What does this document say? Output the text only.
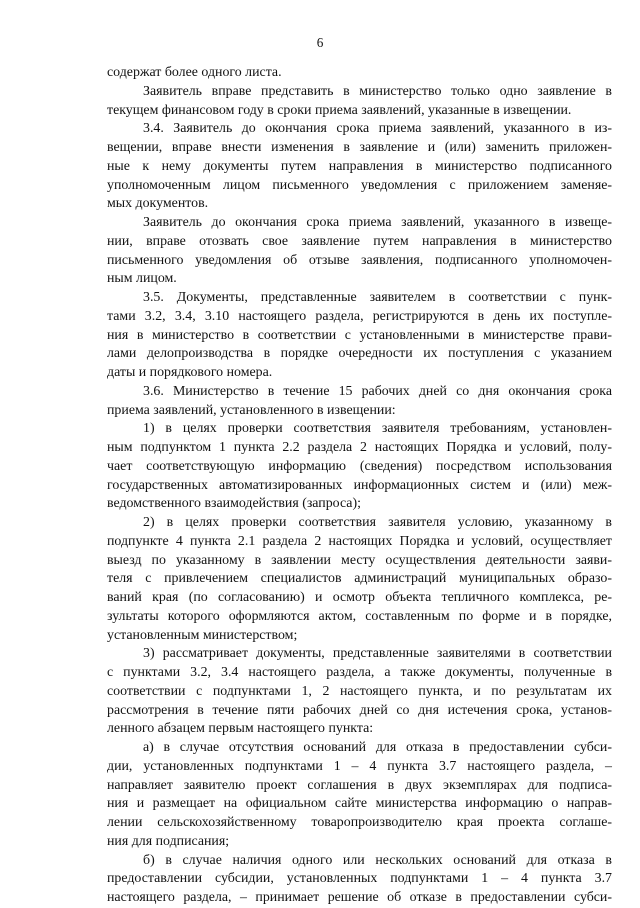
6
содержат более одного листа.
Заявитель вправе представить в министерство только одно заявление в
текущем финансовом году в сроки приема заявлений, указанные в извещении.
3.4. Заявитель до окончания срока приема заявлений, указанного в из-
вещении, вправе внести изменения в заявление и (или) заменить приложен-
ные к нему документы путем направления в министерство подписанного
уполномоченным лицом письменного уведомления с приложением заменяе-
мых документов.
Заявитель до окончания срока приема заявлений, указанного в извеще-
нии, вправе отозвать свое заявление путем направления в министерство
письменного уведомления об отзыве заявления, подписанного уполномочен-
ным лицом.
3.5. Документы, представленные заявителем в соответствии с пунк-
тами 3.2, 3.4, 3.10 настоящего раздела, регистрируются в день их поступле-
ния в министерство в соответствии с установленными в министерстве прави-
лами делопроизводства в порядке очередности их поступления с указанием
даты и порядкового номера.
3.6. Министерство в течение 15 рабочих дней со дня окончания срока
приема заявлений, установленного в извещении:
1) в целях проверки соответствия заявителя требованиям, установлен-
ным подпунктом 1 пункта 2.2 раздела 2 настоящих Порядка и условий, полу-
чает соответствующую информацию (сведения) посредством использования
государственных автоматизированных информационных систем и (или) меж-
ведомственного взаимодействия (запроса);
2) в целях проверки соответствия заявителя условию, указанному в
подпункте 4 пункта 2.1 раздела 2 настоящих Порядка и условий, осуществляет
выезд по указанному в заявлении месту осуществления деятельности заяви-
теля с привлечением специалистов администраций муниципальных образо-
ваний края (по согласованию) и осмотр объекта тепличного комплекса, ре-
зультаты которого оформляются актом, составленным по форме и в порядке,
установленным министерством;
3) рассматривает документы, представленные заявителями в соответствии
с пунктами 3.2, 3.4 настоящего раздела, а также документы, полученные в
соответствии с подпунктами 1, 2 настоящего пункта, и по результатам их
рассмотрения в течение пяти рабочих дней со дня истечения срока, установ-
ленного абзацем первым настоящего пункта:
а) в случае отсутствия оснований для отказа в предоставлении субси-
дии, установленных подпунктами 1 – 4 пункта 3.7 настоящего раздела, –
направляет заявителю проект соглашения в двух экземплярах для подписа-
ния и размещает на официальном сайте министерства информацию о направ-
лении сельскохозяйственному товаропроизводителю края проекта соглаше-
ния для подписания;
б) в случае наличия одного или нескольких оснований для отказа в
предоставлении субсидии, установленных подпунктами 1 – 4 пункта 3.7
настоящего раздела, – принимает решение об отказе в предоставлении субси-
